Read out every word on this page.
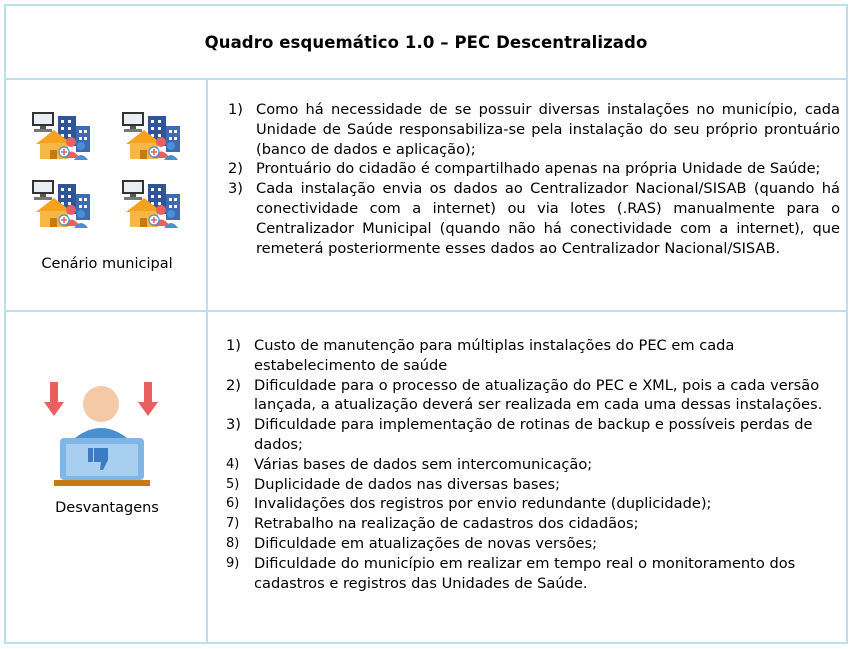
Quadro esquemático 1.0 – PEC Descentralizado
Cenário municipal
1) Como há necessidade de se possuir diversas instalações no município, cada Unidade de Saúde responsabiliza-se pela instalação do seu próprio prontuário (banco de dados e aplicação);
2) Prontuário do cidadão é compartilhado apenas na própria Unidade de Saúde;
3) Cada instalação envia os dados ao Centralizador Nacional/SISAB (quando há conectividade com a internet) ou via lotes (.RAS) manualmente para o Centralizador Municipal (quando não há conectividade com a internet), que remeterá posteriormente esses dados ao Centralizador Nacional/SISAB.
Desvantagens
1) Custo de manutenção para múltiplas instalações do PEC em cada estabelecimento de saúde
2) Dificuldade para o processo de atualização do PEC e XML, pois a cada versão lançada, a atualização deverá ser realizada em cada uma dessas instalações.
3) Dificuldade para implementação de rotinas de backup e possíveis perdas de dados;
4)	Várias bases de dados sem intercomunicação;
5)	Duplicidade de dados nas diversas bases;
6)	Invalidações dos registros por envio redundante (duplicidade);
7)	Retrabalho na realização de cadastros dos cidadãos;
8)	Dificuldade em atualizações de novas versões;
9)	Dificuldade do município em realizar em tempo real o monitoramento dos cadastros e registros das Unidades de Saúde.
